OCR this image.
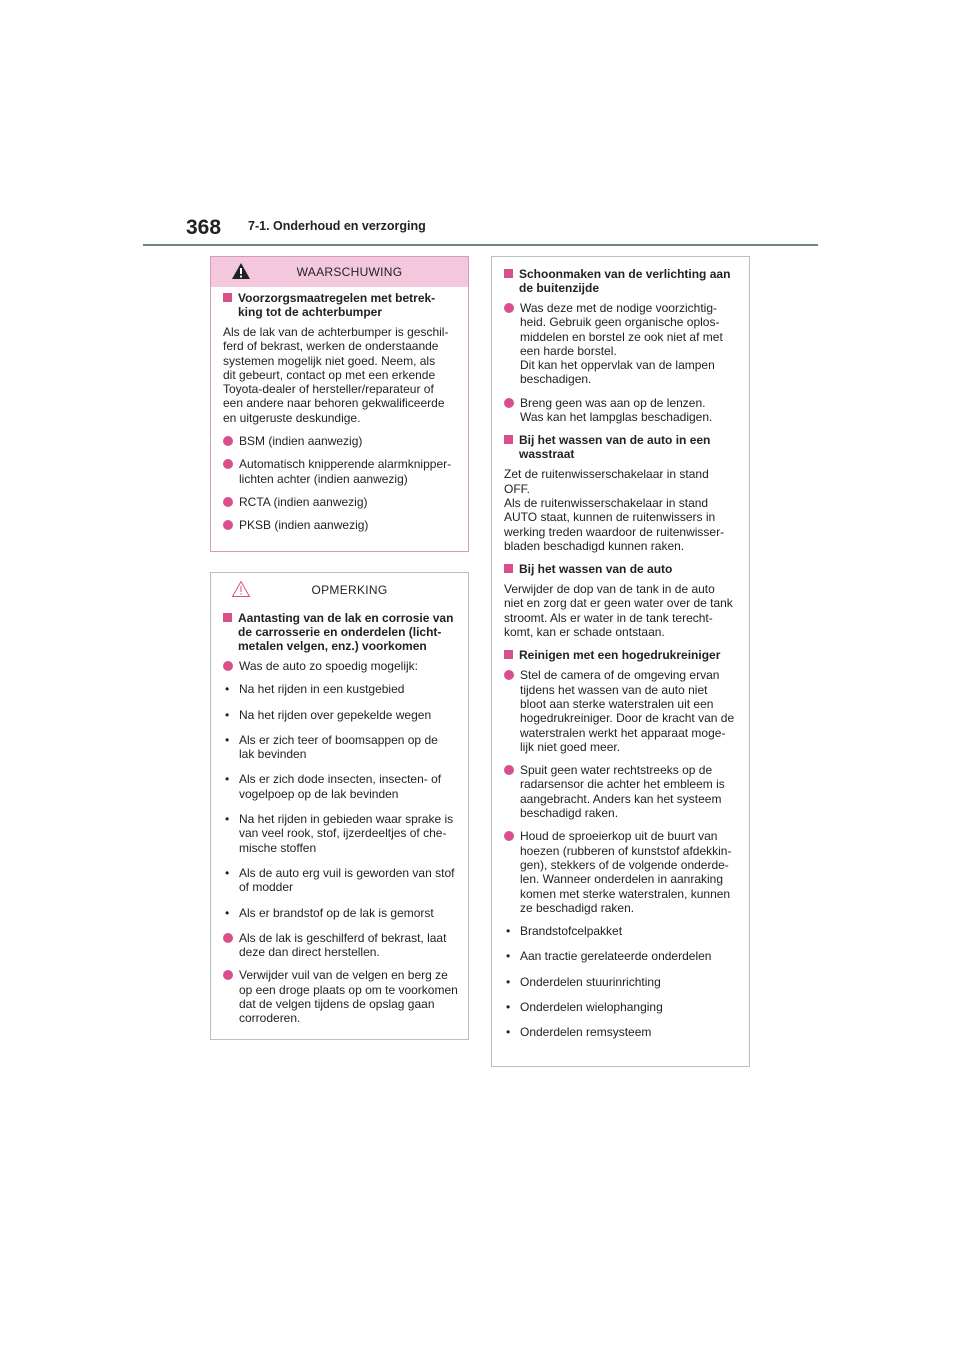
368 7-1. Onderhoud en verzorging
WAARSCHUWING
Voorzorgsmaatregelen met betrek-
king tot de achterbumper
Als de lak van de achterbumper is geschil-
ferd of bekrast, werken de onderstaande
systemen mogelijk niet goed. Neem, als
dit gebeurt, contact op met een erkende
Toyota-dealer of hersteller/reparateur of
een andere naar behoren gekwalificeerde
en uitgeruste deskundige.
BSM (indien aanwezig)
Automatisch knipperende alarmknipper-
lichten achter (indien aanwezig)
RCTA (indien aanwezig)
PKSB (indien aanwezig)
OPMERKING
Aantasting van de lak en corrosie van
de carrosserie en onderdelen (licht-
metalen velgen, enz.) voorkomen
Was de auto zo spoedig mogelijk:
• Na het rijden in een kustgebied
• Na het rijden over gepekelde wegen
• Als er zich teer of boomsappen op de
lak bevinden
• Als er zich dode insecten, insecten- of
vogelpoep op de lak bevinden
• Na het rijden in gebieden waar sprake is
van veel rook, stof, ijzerdeeltjes of che-
mische stoffen
• Als de auto erg vuil is geworden van stof
of modder
• Als er brandstof op de lak is gemorst
Als de lak is geschilferd of bekrast, laat
deze dan direct herstellen.
Verwijder vuil van de velgen en berg ze
op een droge plaats op om te voorkomen
dat de velgen tijdens de opslag gaan
corroderen.
Schoonmaken van de verlichting aan
de buitenzijde
Was deze met de nodige voorzichtig-
heid. Gebruik geen organische oplos-
middelen en borstel ze ook niet af met
een harde borstel.
Dit kan het oppervlak van de lampen
beschadigen.
Breng geen was aan op de lenzen.
Was kan het lampglas beschadigen.
Bij het wassen van de auto in een
wasstraat
Zet de ruitenwisserschakelaar in stand
OFF.
Als de ruitenwisserschakelaar in stand
AUTO staat, kunnen de ruitenwissers in
werking treden waardoor de ruitenwisser-
bladen beschadigd kunnen raken.
Bij het wassen van de auto
Verwijder de dop van de tank in de auto
niet en zorg dat er geen water over de tank
stroomt. Als er water in de tank terecht-
komt, kan er schade ontstaan.
Reinigen met een hogedrukreiniger
Stel de camera of de omgeving ervan
tijdens het wassen van de auto niet
bloot aan sterke waterstralen uit een
hogedrukreiniger. Door de kracht van de
waterstralen werkt het apparaat moge-
lijk niet goed meer.
Spuit geen water rechtstreeks op de
radarsensor die achter het embleem is
aangebracht. Anders kan het systeem
beschadigd raken.
Houd de sproeierkop uit de buurt van
hoezen (rubberen of kunststof afdekkin-
gen), stekkers of de volgende onderde-
len. Wanneer onderdelen in aanraking
komen met sterke waterstralen, kunnen
ze beschadigd raken.
• Brandstofcelpakket
• Aan tractie gerelateerde onderdelen
• Onderdelen stuurinrichting
• Onderdelen wielophanging
• Onderdelen remsysteem
